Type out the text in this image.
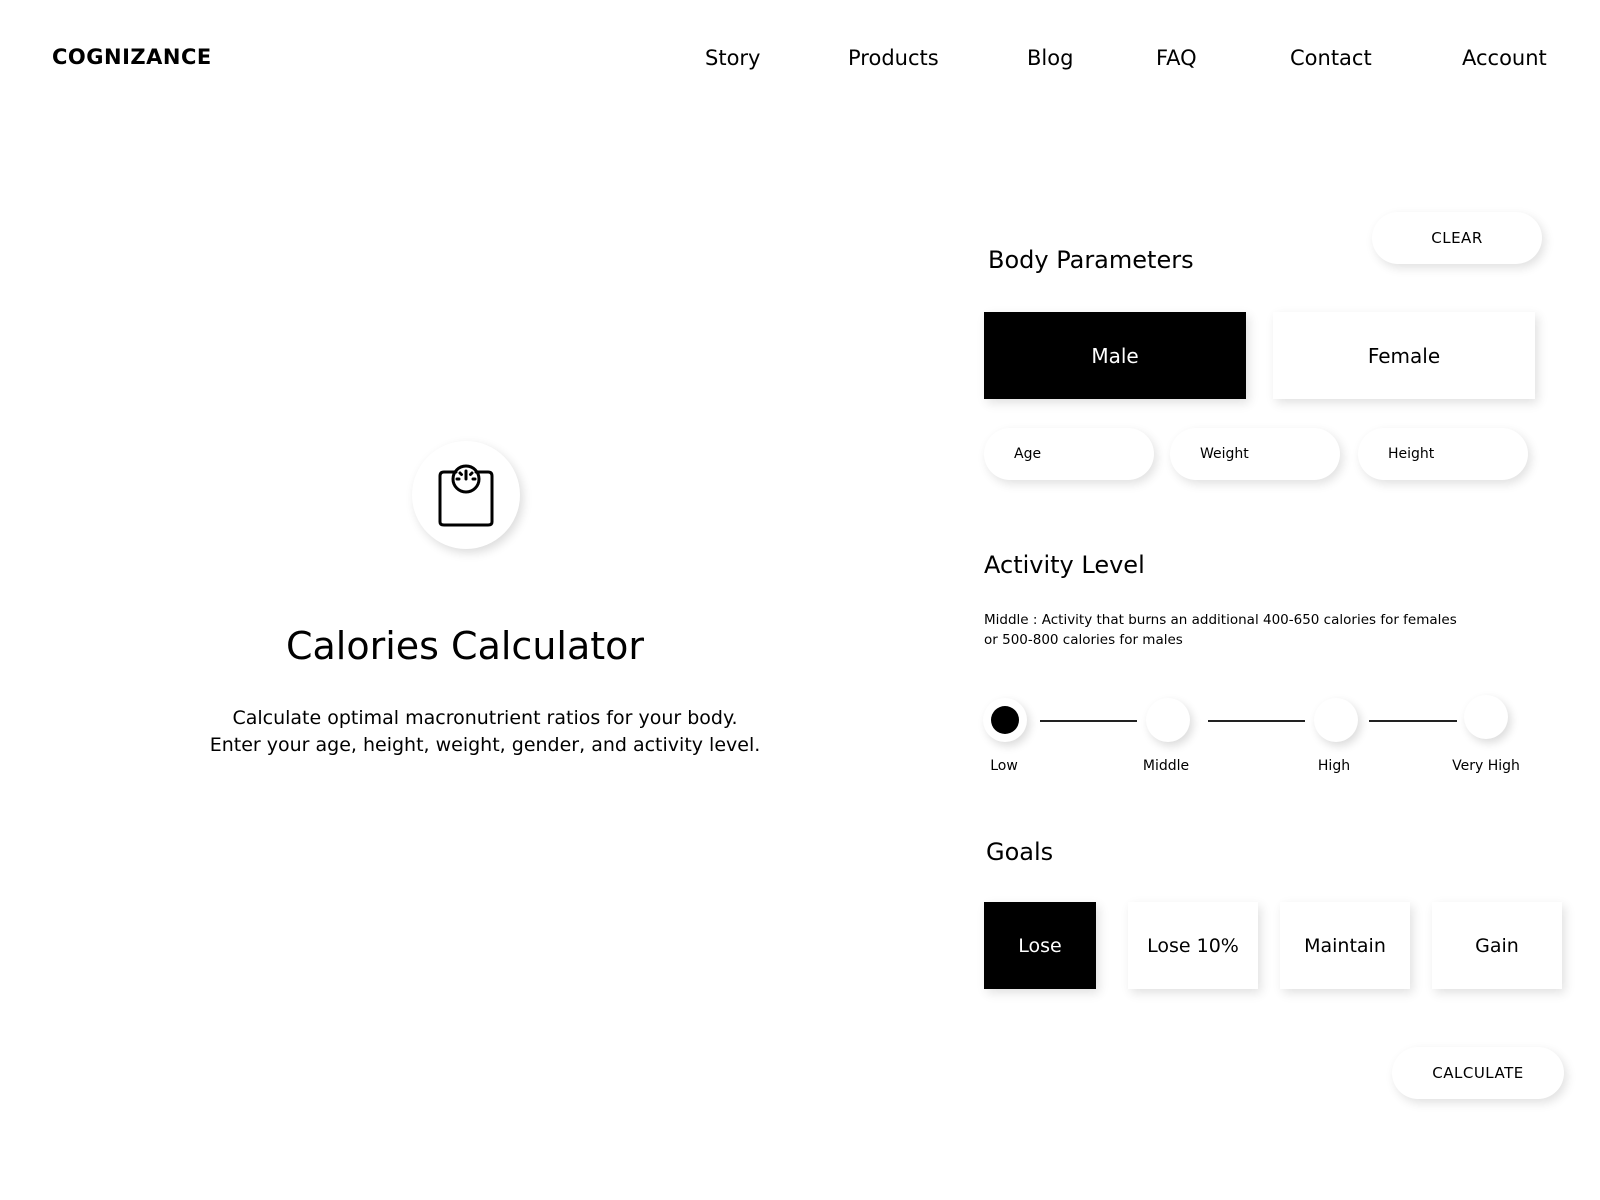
COGNIZANCE	Story	Products	Blog	FAQ	Contact	Account
Calories Calculator
Calculate optimal macronutrient ratios for your body.
Enter your age, height, weight, gender, and activity level.
CLEAR
Body Parameters
Male	Female
Age
Weight
Height
Activity Level
Middle : Activity that burns an additional 400-650 calories for females or 500-800 calories for males
Low	Middle	High	Very High
Goals
Lose	Lose 10%	Maintain	Gain
CALCULATE
